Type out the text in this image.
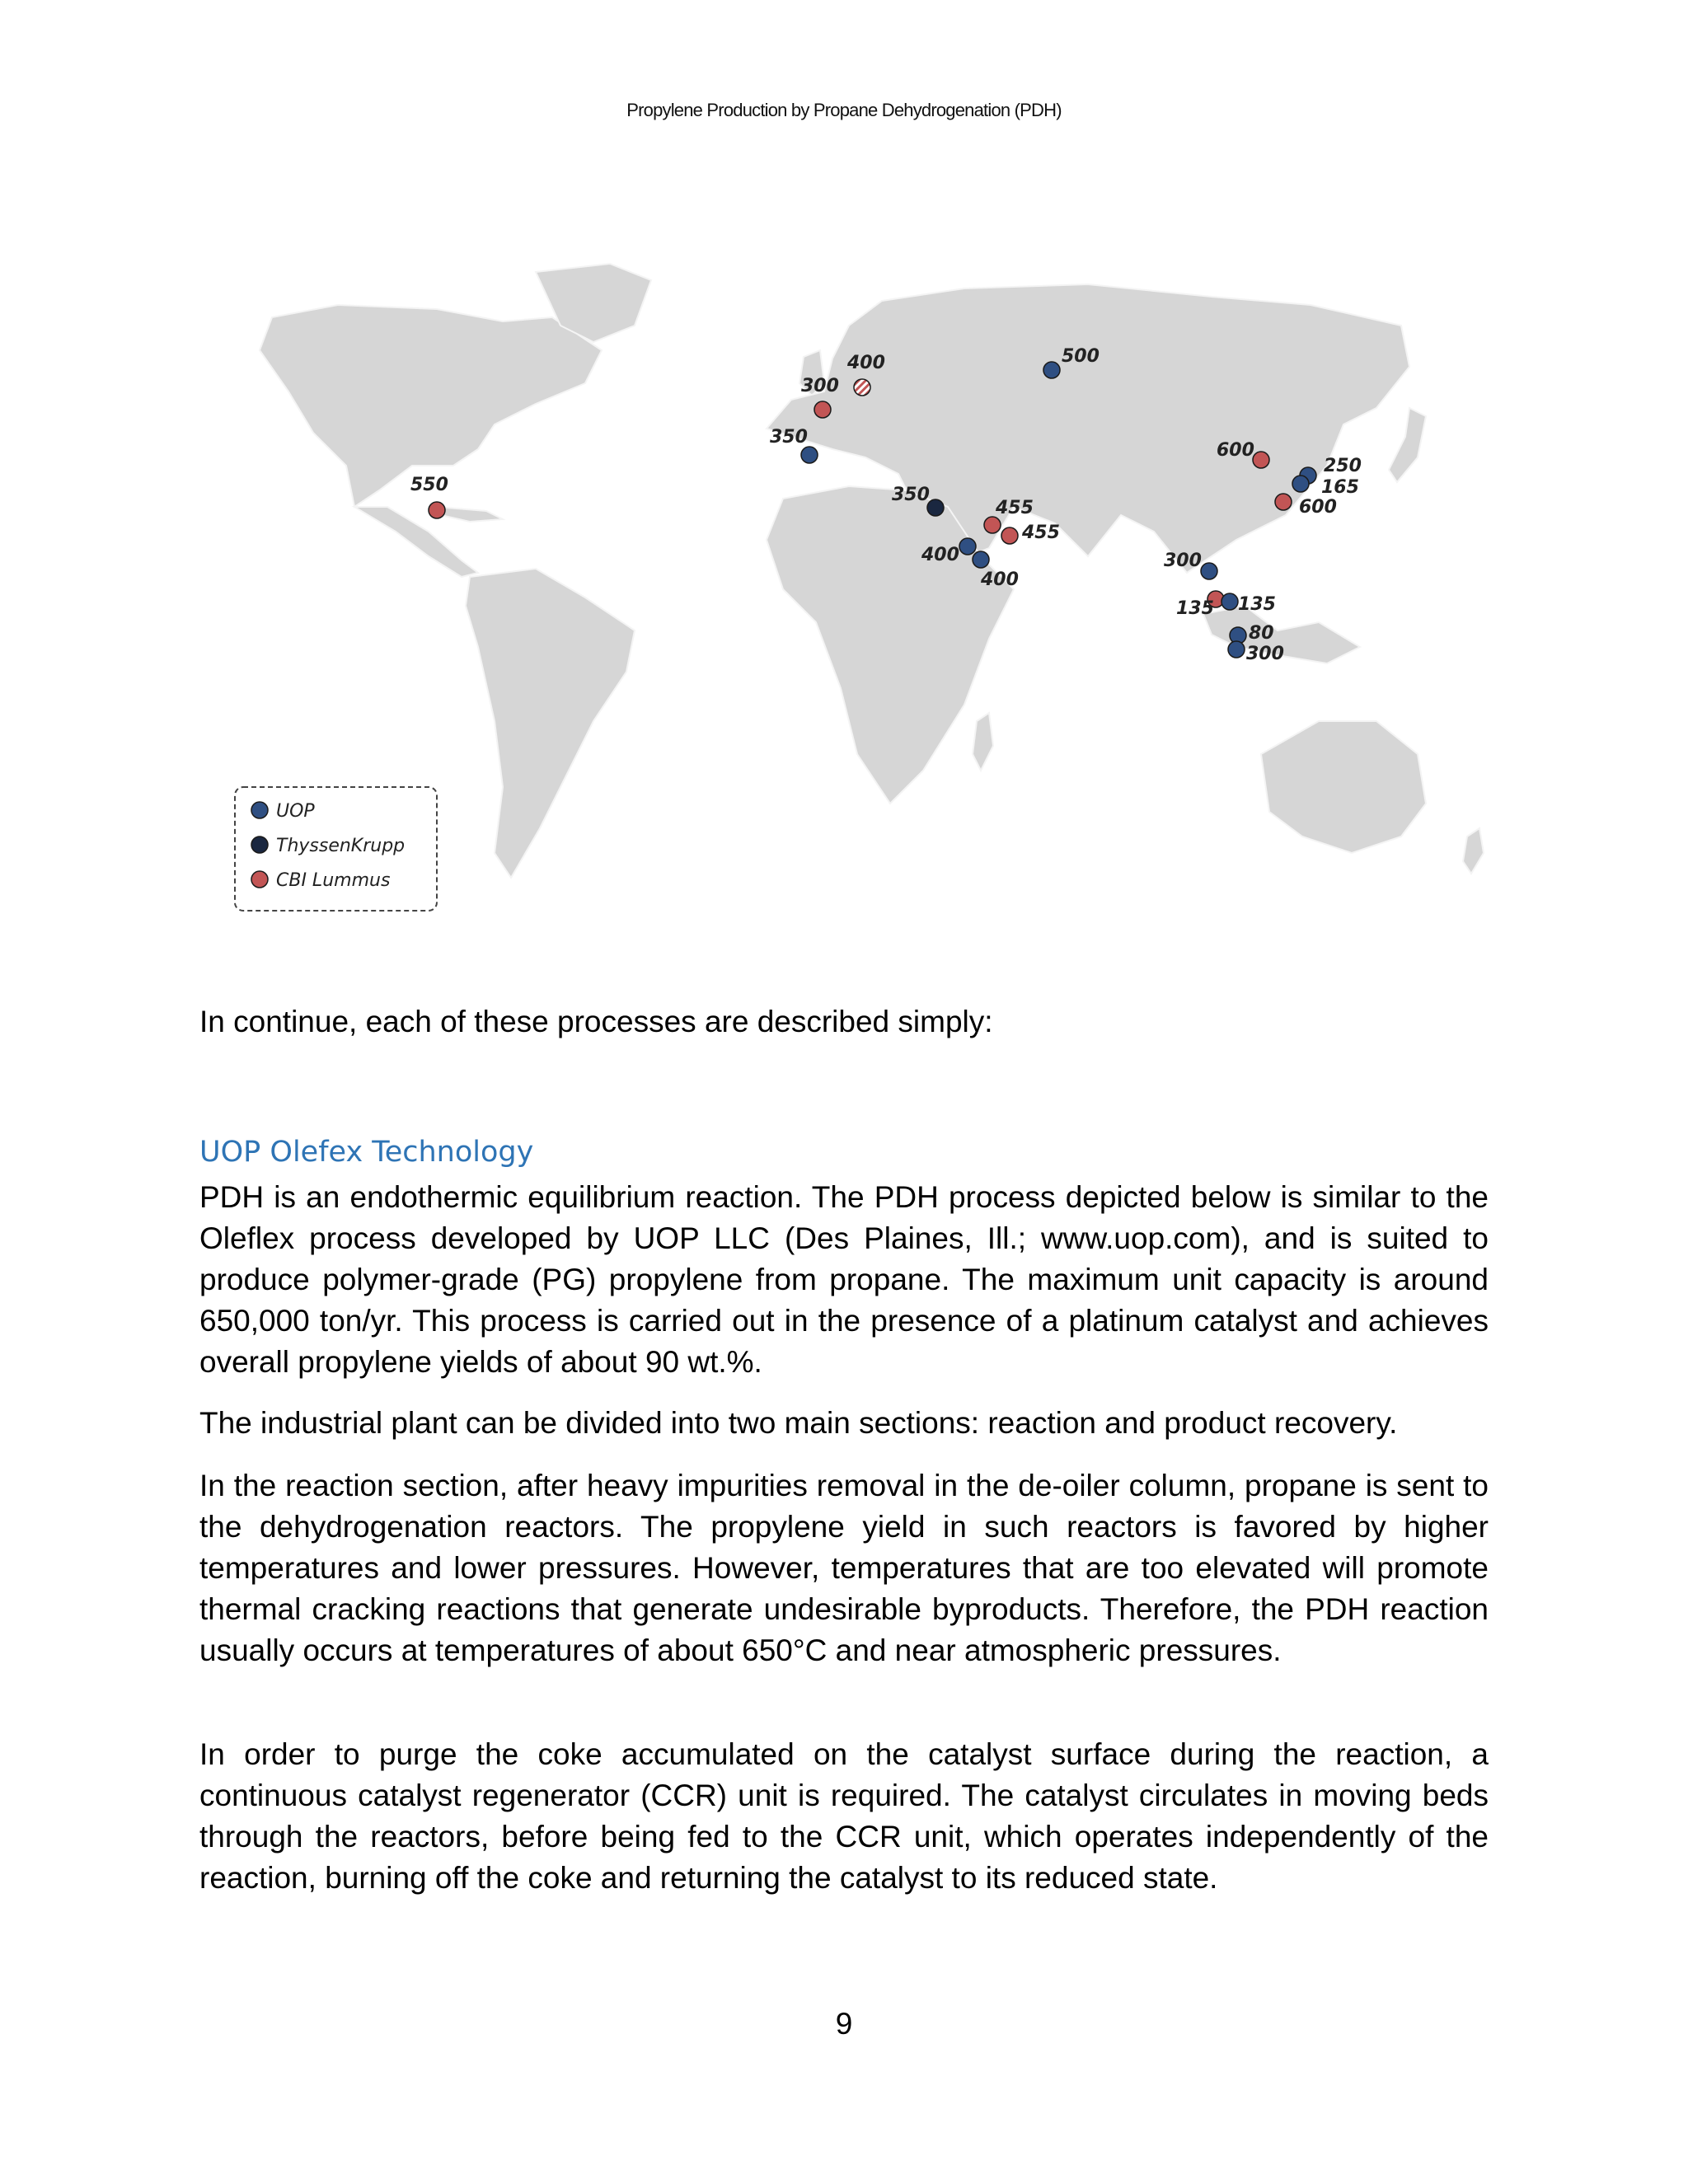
Propylene Production by Propane Dehydrogenation (PDH)
550
300
400
350
500
350
455
455
400
400
600
250
165
600
300
135 135
80
300
UOP
ThyssenKrupp
CBI Lummus

In continue, each of these processes are described simply:

UOP Olefex Technology

PDH is an endothermic equilibrium reaction. The PDH process depicted below is similar to the Oleflex process developed by UOP LLC (Des Plaines, Ill.; www.uop.com), and is suited to produce polymer-grade (PG) propylene from propane. The maximum unit capacity is around 650,000 ton/yr. This process is carried out in the presence of a platinum catalyst and achieves overall propylene yields of about 90 wt.%.

The industrial plant can be divided into two main sections: reaction and product recovery.

In the reaction section, after heavy impurities removal in the de-oiler column, propane is sent to the dehydrogenation reactors. The propylene yield in such reactors is favored by higher temperatures and lower pressures. However, temperatures that are too elevated will promote thermal cracking reactions that generate undesirable byproducts. Therefore, the PDH reaction usually occurs at temperatures of about 650°C and near atmospheric pressures.

In order to purge the coke accumulated on the catalyst surface during the reaction, a continuous catalyst regenerator (CCR) unit is required. The catalyst circulates in moving beds through the reactors, before being fed to the CCR unit, which operates independently of the reaction, burning off the coke and returning the catalyst to its reduced state.

9
